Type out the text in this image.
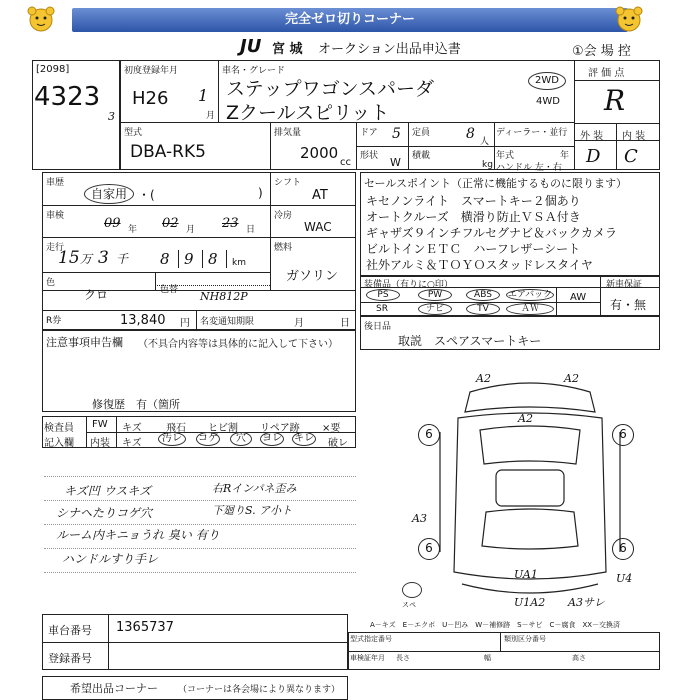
完全ゼロ切りコーナー
JU 宮 城 オークション出品申込書	①会 場 控
[2098]
4323
3
初度登録年月
H26 1
月
車名・グレード
ステップワゴンスパーダ
Zクールスピリット
2WD
4WD
型式
DBA-RK5
排気量
2000
cc
ドア 5 定員	8 人
形状 W 積載
kg
ディーラー・並行
年式	年
ハンドル 左・右
評 価 点
R
外 装 内 装
D C
車歴
自家用 ・(	)
車検	09 年 02 月 23 日
走行
15 万 3 千 8 9 8 km
色
クロ	色替 NH812P
R券	13,840 円 名変通知期限	月	日
シフト
AT
冷房
WAC
燃料
ガソリン
セールスポイント（正常に機能するものに限ります）
キセノンライト　スマートキー２個あり
オートクルーズ　横滑り防止ＶＳＡ付き
ギャザズ９インチフルセグナビ＆バックカメラ
ビルトインＥＴＣ　ハーフレザーシート
社外アルミ＆ＴＯＹＯスタッドレスタイヤ
装備品（有りに○印）	新車保証
PS	PW	ABS	エアバック
SR	ナビ	TV	ＡＷ
AW
有・無
後日品
取説　スペアスマートキー
注意事項申告欄 （不具合内容等は具体的に記入して下さい）
修復歴　有（箇所
検査員
記入欄
FW キズ 飛石 ヒビ割 リペア跡 ×要
内装 キズ	汚レ	コゲ	穴	ヨレ キレ 破レ
キズ凹 ウスキズ
シナヘたりコゲ穴
ルーム内キニョうれ 臭い 有り
ハンドルすり手レ
右Rインパネ歪み
下廻りS. ア小ト
A2	A2
A2
A3
6	6
6	6
UA1	U4
U1A2 A3サレ
スペ
A－キズ　E－エクボ　U－凹み　W－補修跡　S－サビ　C－腐食　XX－交換済
車台番号 1365737
登録番号
型式指定番号	類別区分番号
車検証年月 長さ	幅	高さ
希望出品コーナー （コーナーは各会場により異なります）
